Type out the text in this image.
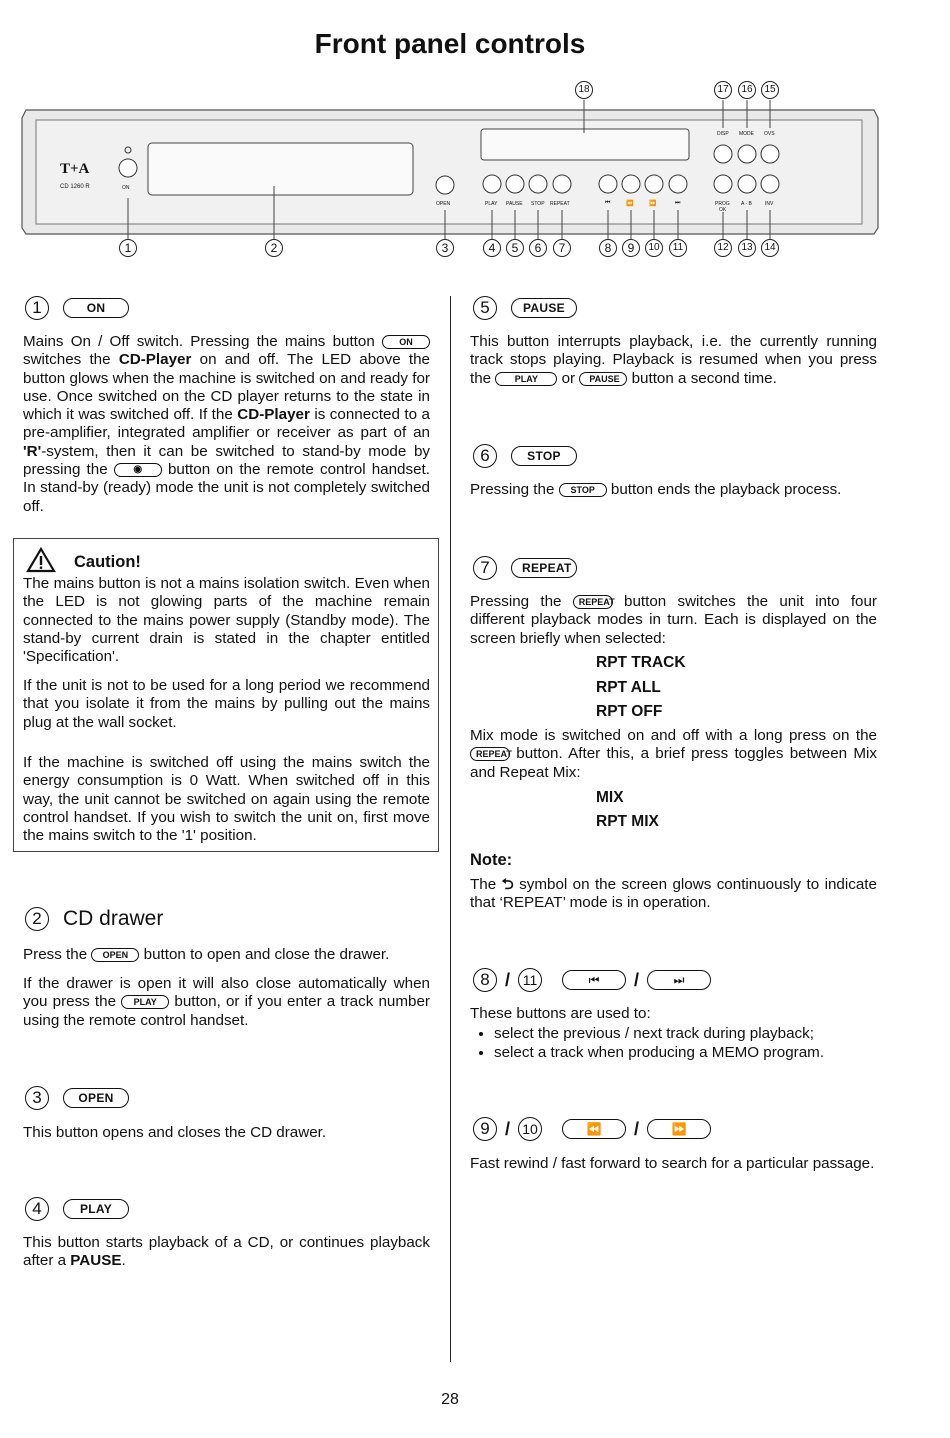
Front panel controls
T+A
CD 1260 R	ON
OPEN	PLAY PAUSE STOP REPEAT
DISP MODE OVS
PROG
OK
A - B	INV
⏮	⏪	⏩	⏭
1	2	3	4	5	6	7	8	9	10	11	12	13	14
15
16
17
18
1	ON

Mains On / Off switch. Pressing the mains button	ON switches the CD-Player on and off. The LED above the button glows when the machine is switched on and ready for use. Once switched on the CD player returns to the state in which it was switched off. If the CD-Player is connected to a pre-amplifier, integrated amplifier or receiver as part of an 'R'-system, then it can be switched to stand-by mode by pressing the	◉ button on the remote control handset. In stand-by (ready) mode the unit is not completely switched off.

Caution!

The mains button is not a mains isolation switch. Even when the LED is not glowing parts of the machine remain connected to the mains power supply (Standby mode). The stand-by current drain is stated in the chapter entitled 'Specification'.

If the unit is not to be used for a long period we recommend that you isolate it from the mains by pulling out the mains plug at the wall socket.

If the machine is switched off using the mains switch the energy consumption is 0 Watt. When switched off in this way, the unit cannot be switched on again using the remote control handset. If you wish to switch the unit on, first move the mains switch to the '1' position.

2	CD drawer

Press the OPEN button to open and close the drawer.

If the drawer is open it will also close automatically when you press the PLAY button, or if you enter a track number using the remote control handset.

3	OPEN

This button opens and closes the CD drawer.

4	PLAY

This button starts playback of a CD, or continues playback after a PAUSE.

5	PAUSE

This button interrupts playback, i.e. the currently running track stops playing. Playback is resumed when you press the	PLAY or PAUSE button a second time.

6	STOP

Pressing the STOP button ends the playback process.

7	REPEAT

Pressing the REPEAT button switches the unit into four different playback modes in turn. Each is displayed on the screen briefly when selected:

RPT TRACK
RPT ALL
RPT OFF

Mix mode is switched on and off with a long press on the REPEAT button. After this, a brief press toggles between Mix and Repeat Mix:

MIX
RPT MIX
Note:

The ⮌ symbol on the screen glows continuously to indicate that ‘REPEAT’ mode is in operation.

8 / 11	⏮	/	⏭

These buttons are used to:

• select the previous / next track during playback;
• select a track when producing a MEMO program.
9 / 10	⏪	/	⏩

Fast rewind / fast forward to search for a particular passage.

28
